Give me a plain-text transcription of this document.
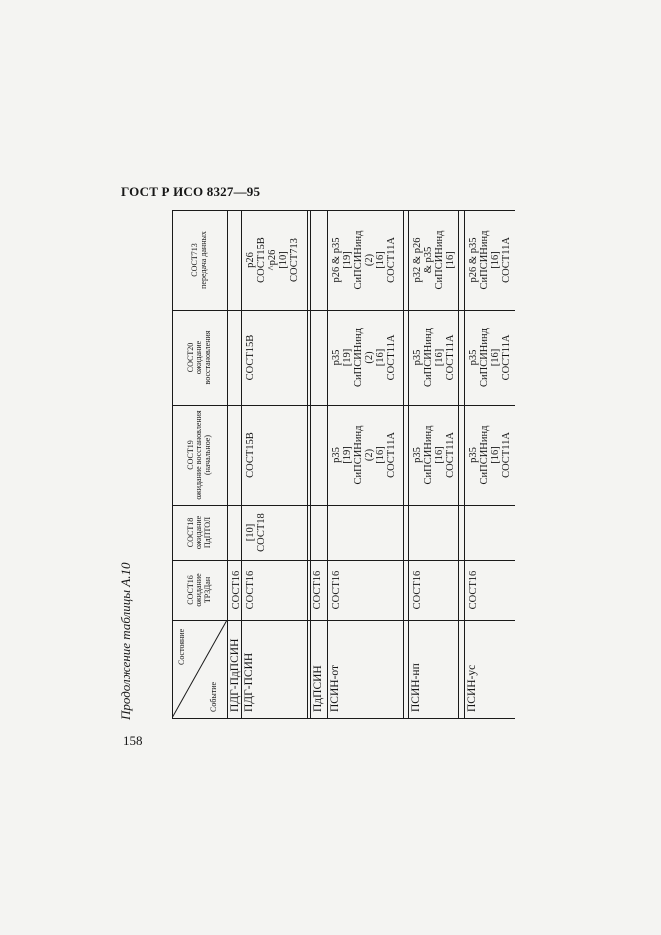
ГОСТ Р ИСО 8327—95
Продолжение таблицы А.10
158
СОСТ16 ожидание ТРЗДан
СОСТ18 ожидание ПдПТОЛ
СОСТ19 ожидание восстановления (начальное)
СОСТ20 ожидание восстановления
СОСТ713 передача данных
Состояние
Событие ПДГ-ПдПСИН
СОСТ16
ПДГ-ПСИН
СОСТ16
[10] СОСТ18
СОСТ15В
СОСТ15В
р26 СОСТ15В ^р26 [10] СОСТ713
ПдПСИН
СОСТ16
ПСИН-от
СОСТ16
р35 [19] СиПСИНинд (2) [16] СОСТ11А
р35 [19] СиПСИНинд (2) [16] СОСТ11А
р26 & р35 [19] СиПСИНинд (2) [16] СОСТ11А
ПСИН-нп
СОСТ16
р35 СиПСИНинд [16] СОСТ11А
р35 СиПСИНинд [16] СОСТ11А
р32 & р26 & р35 СиПСИНинд [16]
ПСИН-ус
СОСТ16
р35 СиПСИНинд [16] СОСТ11А
р35 СиПСИНинд [16] СОСТ11А
р26 & р35 СиПСИНинд [16] СОСТ11А
